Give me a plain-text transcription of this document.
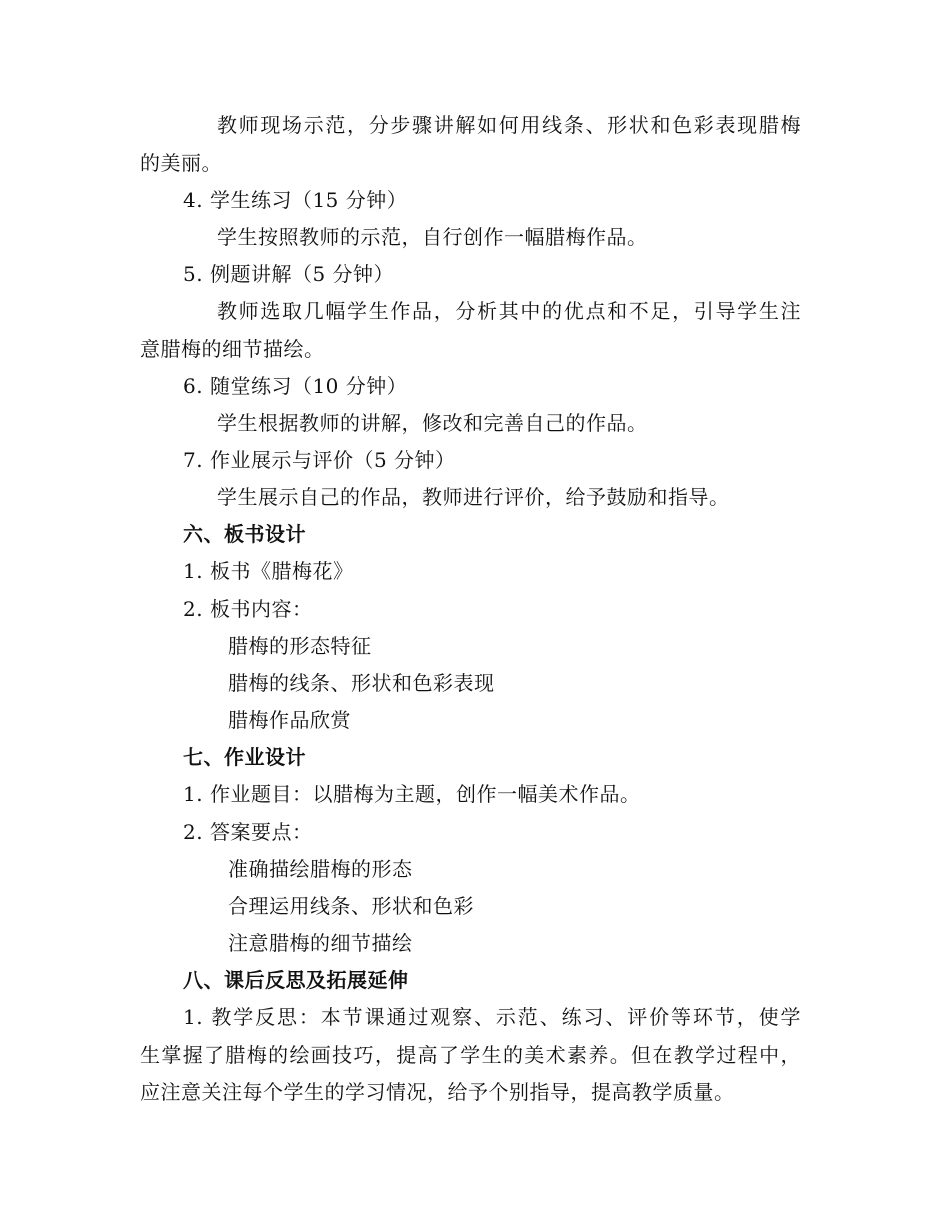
教师现场示范，分步骤讲解如何用线条、形状和色彩表现腊梅
的美丽。
4. 学生练习（15 分钟）
学生按照教师的示范，自行创作一幅腊梅作品。
5. 例题讲解（5 分钟）
教师选取几幅学生作品，分析其中的优点和不足，引导学生注
意腊梅的细节描绘。
6. 随堂练习（10 分钟）
学生根据教师的讲解，修改和完善自己的作品。
7. 作业展示与评价（5 分钟）
学生展示自己的作品，教师进行评价，给予鼓励和指导。
六、板书设计
1. 板书《腊梅花》
2. 板书内容：
腊梅的形态特征
腊梅的线条、形状和色彩表现
腊梅作品欣赏
七、作业设计
1. 作业题目：以腊梅为主题，创作一幅美术作品。
2. 答案要点：
准确描绘腊梅的形态
合理运用线条、形状和色彩
注意腊梅的细节描绘
八、课后反思及拓展延伸
1. 教学反思：本节课通过观察、示范、练习、评价等环节，使学
生掌握了腊梅的绘画技巧，提高了学生的美术素养。但在教学过程中，
应注意关注每个学生的学习情况，给予个别指导，提高教学质量。
